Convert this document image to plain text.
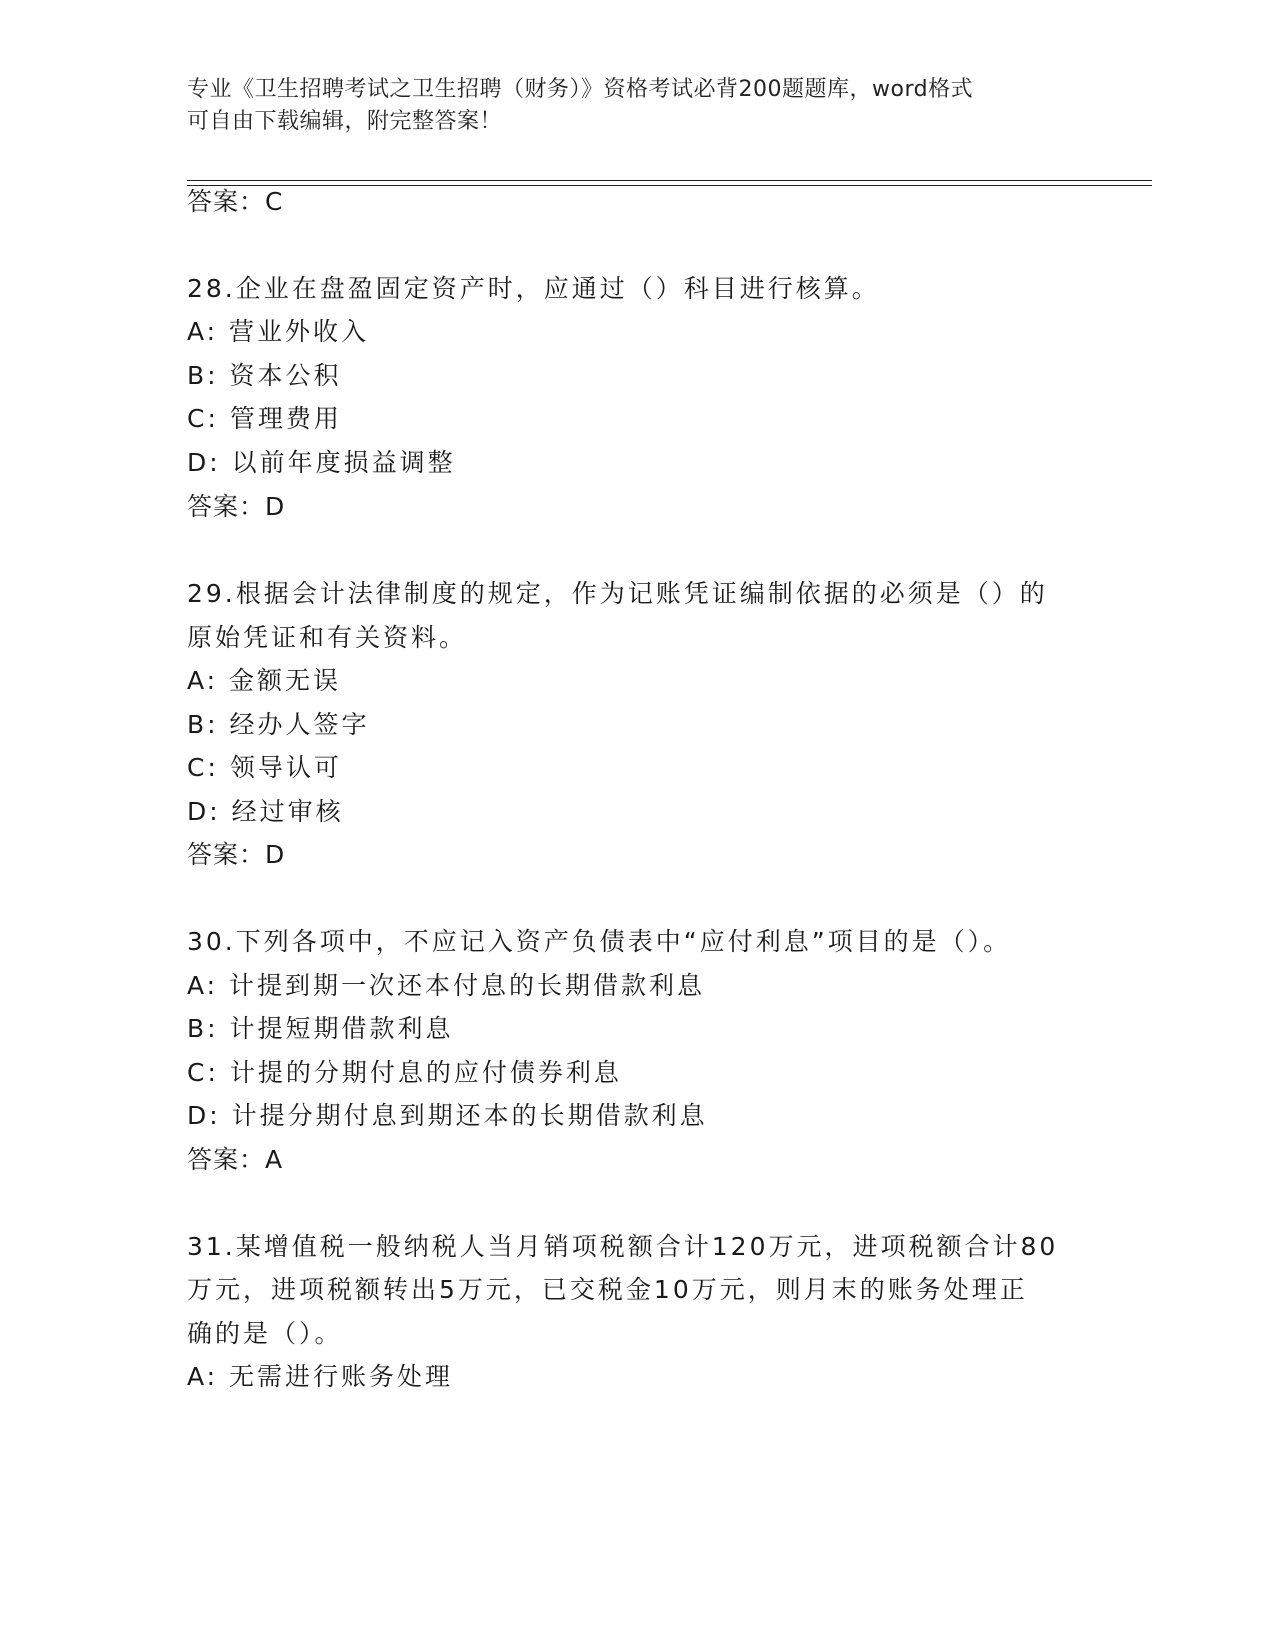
专业《卫生招聘考试之卫生招聘（财务）》资格考试必背200题题库，word格式
可自由下载编辑，附完整答案！
答案：C
28.企业在盘盈固定资产时，应通过（）科目进行核算。
A: 营业外收入
B: 资本公积
C: 管理费用
D: 以前年度损益调整
答案：D
29.根据会计法律制度的规定，作为记账凭证编制依据的必须是（）的
原始凭证和有关资料。
A: 金额无误
B: 经办人签字
C: 领导认可
D: 经过审核
答案：D
30.下列各项中，不应记入资产负债表中“应付利息”项目的是（）。
A: 计提到期一次还本付息的长期借款利息
B: 计提短期借款利息
C: 计提的分期付息的应付债券利息
D: 计提分期付息到期还本的长期借款利息
答案：A
31.某增值税一般纳税人当月销项税额合计120万元，进项税额合计80
万元，进项税额转出5万元，已交税金10万元，则月末的账务处理正
确的是（）。
A: 无需进行账务处理
